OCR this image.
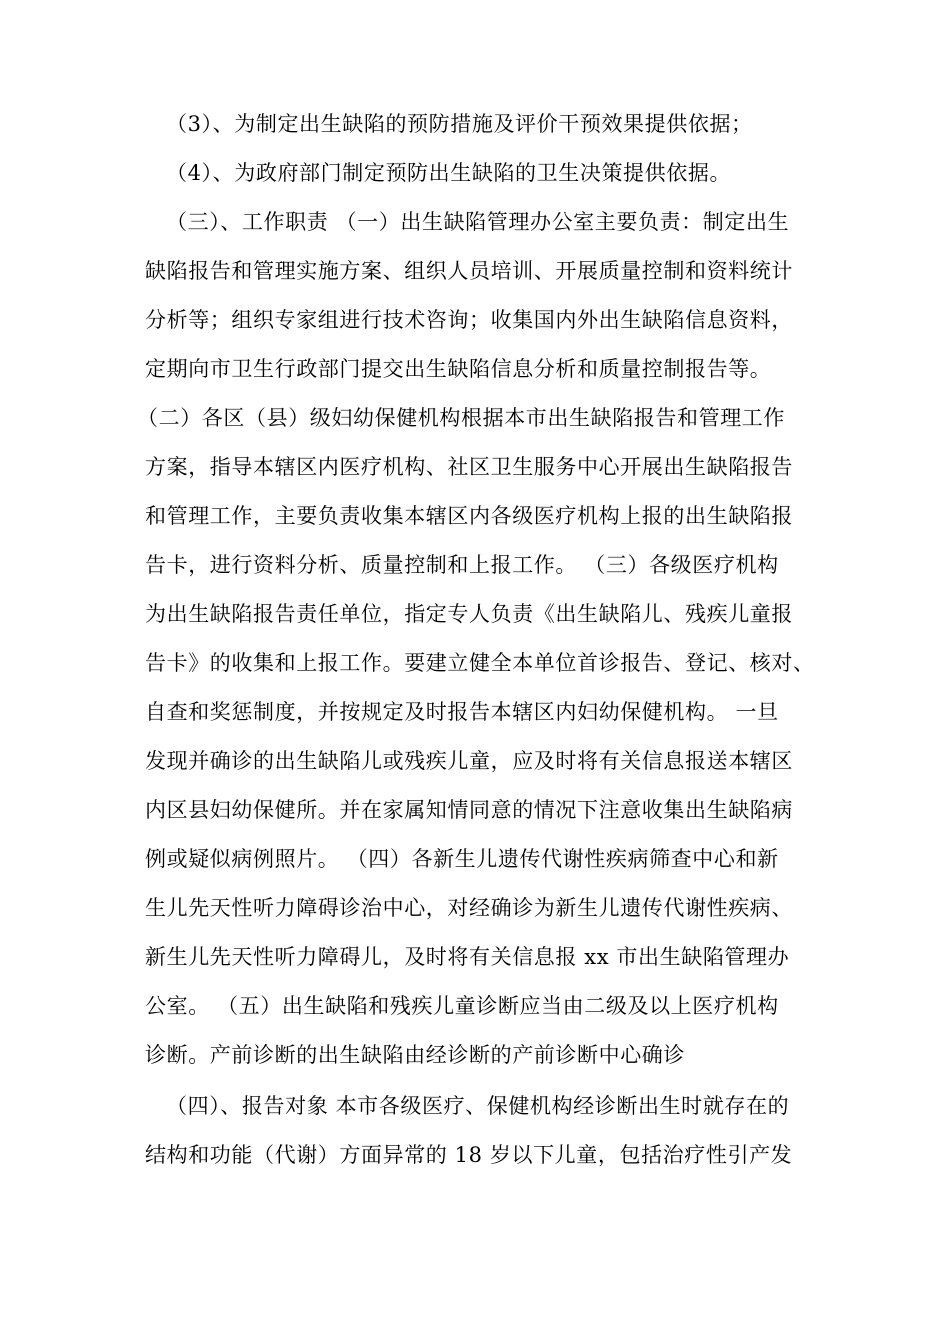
（3）、为制定出生缺陷的预防措施及评价干预效果提供依据；
（4）、为政府部门制定预防出生缺陷的卫生决策提供依据。
（三）、工作职责 （一）出生缺陷管理办公室主要负责：制定出生
缺陷报告和管理实施方案、组织人员培训、开展质量控制和资料统计
分析等；组织专家组进行技术咨询；收集国内外出生缺陷信息资料，
定期向市卫生行政部门提交出生缺陷信息分析和质量控制报告等。
（二）各区（县）级妇幼保健机构根据本市出生缺陷报告和管理工作
方案，指导本辖区内医疗机构、社区卫生服务中心开展出生缺陷报告
和管理工作，主要负责收集本辖区内各级医疗机构上报的出生缺陷报
告卡，进行资料分析、质量控制和上报工作。 （三）各级医疗机构
为出生缺陷报告责任单位，指定专人负责《出生缺陷儿、残疾儿童报
告卡》的收集和上报工作。要建立健全本单位首诊报告、登记、核对、
自查和奖惩制度，并按规定及时报告本辖区内妇幼保健机构。 一旦
发现并确诊的出生缺陷儿或残疾儿童，应及时将有关信息报送本辖区
内区县妇幼保健所。并在家属知情同意的情况下注意收集出生缺陷病
例或疑似病例照片。 （四）各新生儿遗传代谢性疾病筛查中心和新
生儿先天性听力障碍诊治中心，对经确诊为新生儿遗传代谢性疾病、
新生儿先天性听力障碍儿，及时将有关信息报 xx 市出生缺陷管理办
公室。 （五）出生缺陷和残疾儿童诊断应当由二级及以上医疗机构
诊断。产前诊断的出生缺陷由经诊断的产前诊断中心确诊
（四）、报告对象 本市各级医疗、保健机构经诊断出生时就存在的
结构和功能（代谢）方面异常的 18 岁以下儿童，包括治疗性引产发
